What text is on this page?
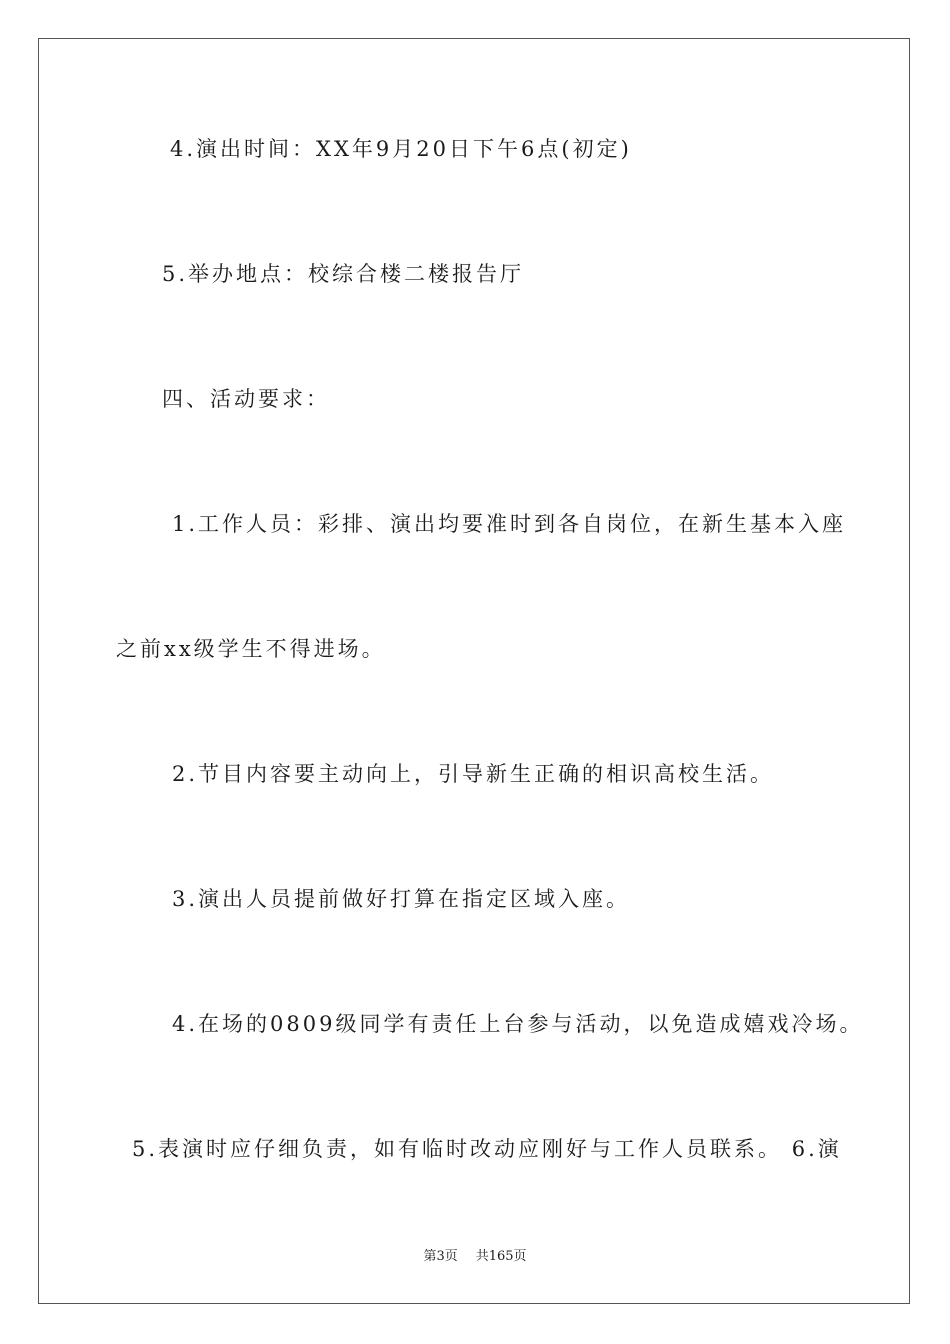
4.演出时间：XX年9月20日下午6点(初定)
5.举办地点：校综合楼二楼报告厅
四、活动要求：
1.工作人员：彩排、演出均要准时到各自岗位，在新生基本入座
之前xx级学生不得进场。
2.节目内容要主动向上，引导新生正确的相识高校生活。
3.演出人员提前做好打算在指定区域入座。
4.在场的0809级同学有责任上台参与活动，以免造成嬉戏冷场。
5.表演时应仔细负责，如有临时改动应刚好与工作人员联系。 6.演
第3页 共165页
